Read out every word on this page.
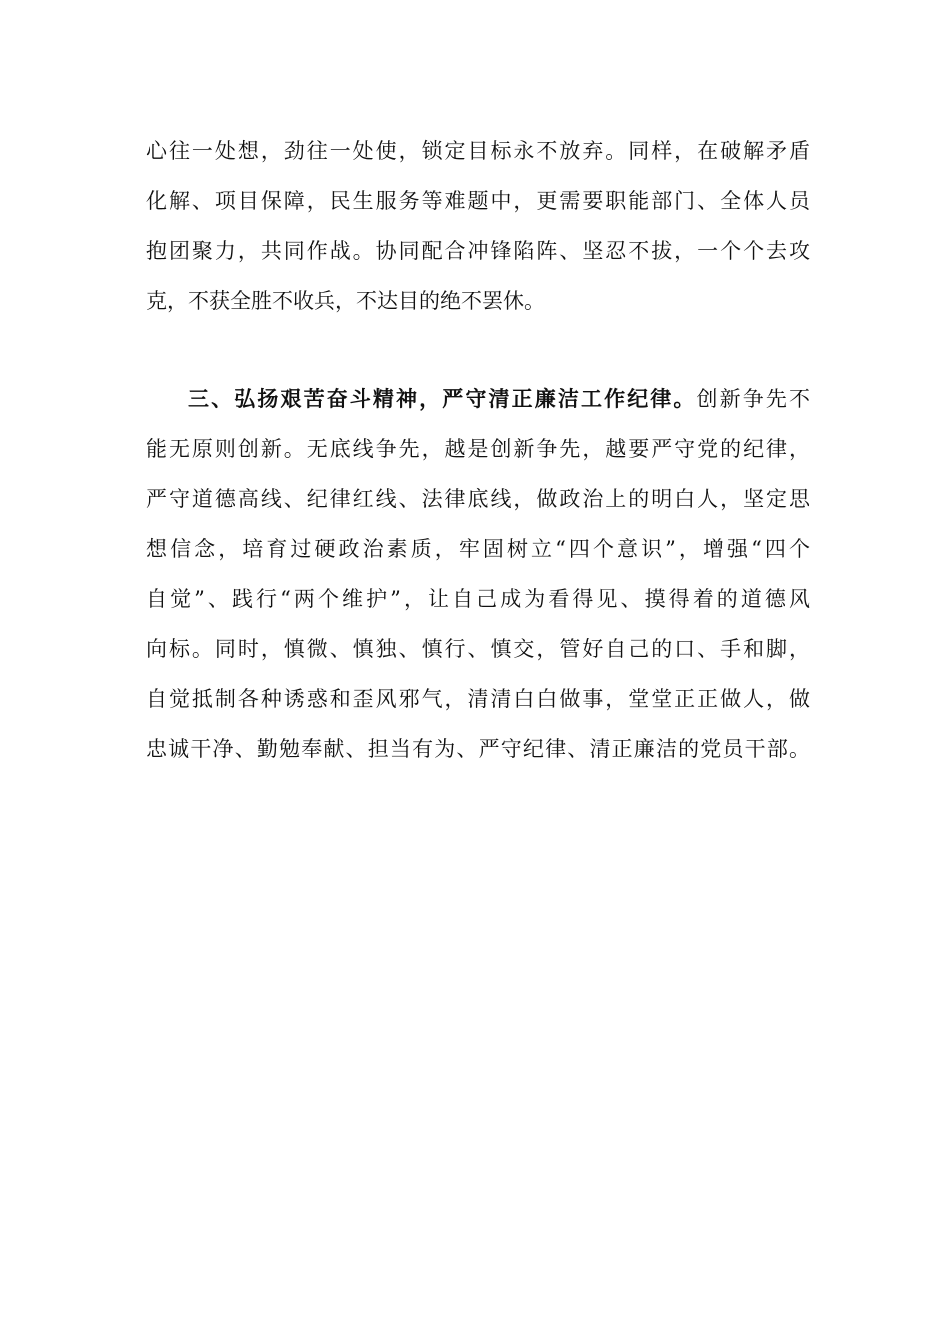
心往一处想，劲往一处使，锁定目标永不放弃。同样，在破解矛盾
化解、项目保障，民生服务等难题中，更需要职能部门、全体人员
抱团聚力，共同作战。协同配合冲锋陷阵、坚忍不拔，一个个去攻
克，不获全胜不收兵，不达目的绝不罢休。
三、弘扬艰苦奋斗精神，严守清正廉洁工作纪律。创新争先不
能无原则创新。无底线争先，越是创新争先，越要严守党的纪律，
严守道德高线、纪律红线、法律底线，做政治上的明白人，坚定思
想信念，培育过硬政治素质，牢固树立“四个意识”，增强“四个
自觉”、践行“两个维护”，让自己成为看得见、摸得着的道德风
向标。同时，慎微、慎独、慎行、慎交，管好自己的口、手和脚，
自觉抵制各种诱惑和歪风邪气，清清白白做事，堂堂正正做人，做
忠诚干净、勤勉奉献、担当有为、严守纪律、清正廉洁的党员干部。
